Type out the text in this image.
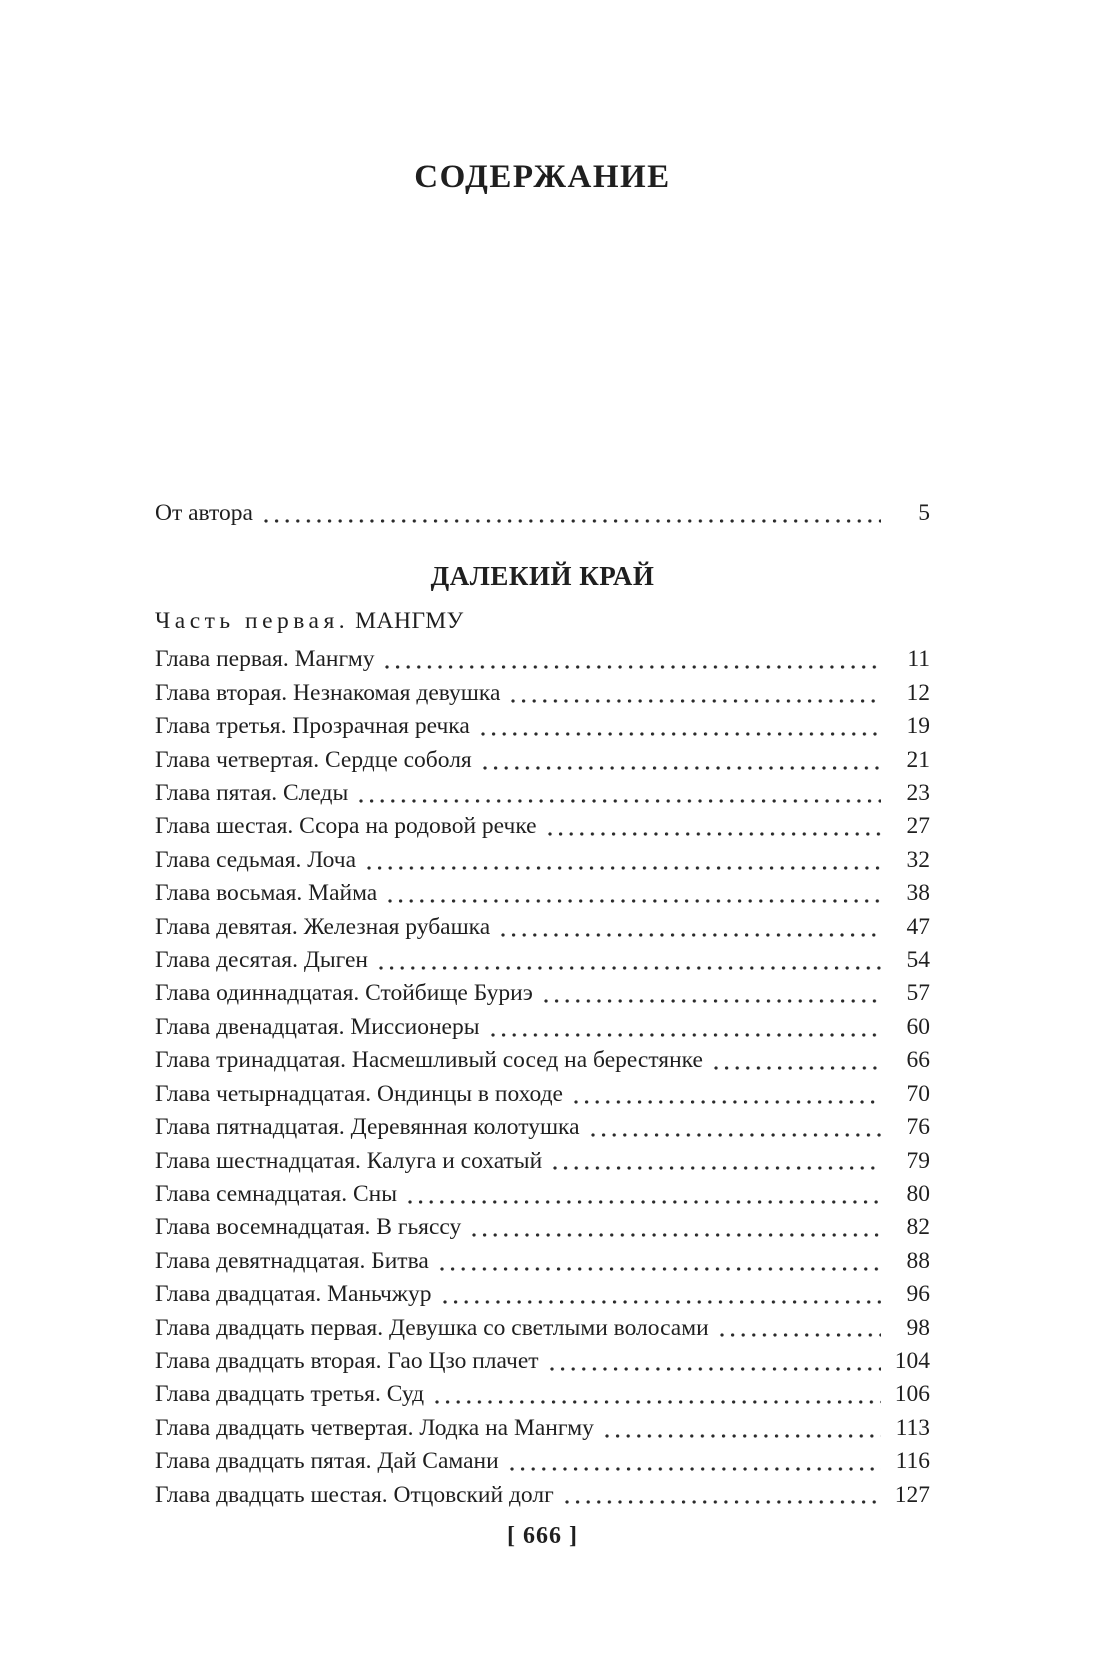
СОДЕРЖАНИЕ
От автора	5
ДАЛЕКИЙ КРАЙ
Часть первая. МАНГМУ
Глава первая. Мангму	11
Глава вторая. Незнакомая девушка	12
Глава третья. Прозрачная речка	19
Глава четвертая. Сердце соболя	21
Глава пятая. Следы	23
Глава шестая. Ссора на родовой речке	27
Глава седьмая. Лоча	32
Глава восьмая. Майма	38
Глава девятая. Железная рубашка	47
Глава десятая. Дыген	54
Глава одиннадцатая. Стойбище Буриэ	57
Глава двенадцатая. Миссионеры	60
Глава тринадцатая. Насмешливый сосед на берестянке	66
Глава четырнадцатая. Ондинцы в походе	70
Глава пятнадцатая. Деревянная колотушка	76
Глава шестнадцатая. Калуга и сохатый	79
Глава семнадцатая. Сны	80
Глава восемнадцатая. В гьяссу	82
Глава девятнадцатая. Битва	88
Глава двадцатая. Маньчжур	96
Глава двадцать первая. Девушка со светлыми волосами	98
Глава двадцать вторая. Гао Цзо плачет	104
Глава двадцать третья. Суд	106
Глава двадцать четвертая. Лодка на Мангму	113
Глава двадцать пятая. Дай Самани	116
Глава двадцать шестая. Отцовский долг	127
[ 666 ]
